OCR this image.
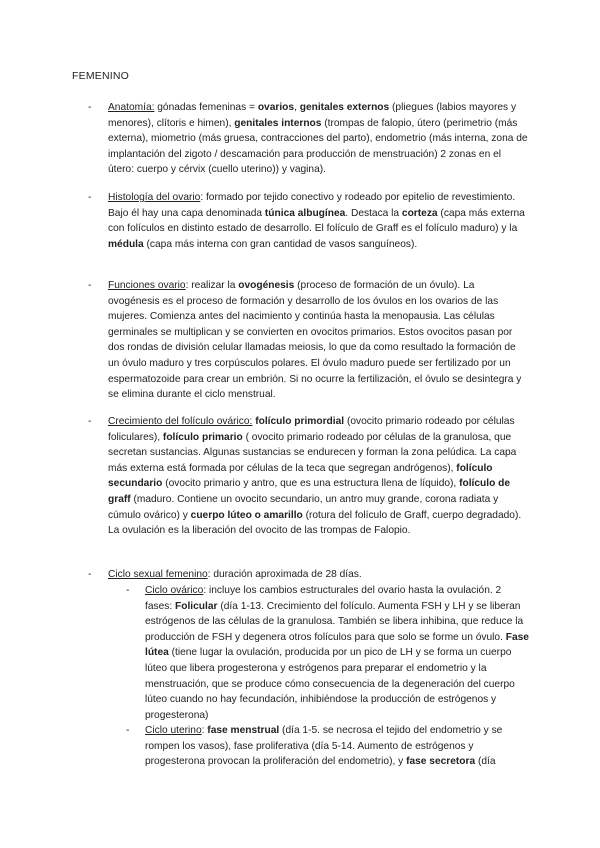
FEMENINO
- Anatomía: gónadas femeninas = ovarios, genitales externos (pliegues (labios mayores y menores), clítoris e himen), genitales internos (trompas de falopio, útero (perimetrio (más externa), miometrio (más gruesa, contracciones del parto), endometrio (más interna, zona de implantación del zigoto / descamación para producción de menstruación) 2 zonas en el útero: cuerpo y cérvix (cuello uterino)) y vagina).
- Histología del ovario: formado por tejido conectivo y rodeado por epitelio de revestimiento. Bajo él hay una capa denominada túnica albugínea. Destaca la corteza (capa más externa con folículos en distinto estado de desarrollo. El folículo de Graff es el folículo maduro) y la médula (capa más interna con gran cantidad de vasos sanguíneos).
- Funciones ovario: realizar la ovogénesis (proceso de formación de un óvulo). La ovogénesis es el proceso de formación y desarrollo de los óvulos en los ovarios de las mujeres. Comienza antes del nacimiento y continúa hasta la menopausia. Las células germinales se multiplican y se convierten en ovocitos primarios. Estos ovocitos pasan por dos rondas de división celular llamadas meiosis, lo que da como resultado la formación de un óvulo maduro y tres corpúsculos polares. El óvulo maduro puede ser fertilizado por un espermatozoide para crear un embrión. Si no ocurre la fertilización, el óvulo se desintegra y se elimina durante el ciclo menstrual.
- Crecimiento del folículo ovárico: folículo primordial (ovocito primario rodeado por células foliculares), folículo primario ( ovocito primario rodeado por células de la granulosa, que secretan sustancias. Algunas sustancias se endurecen y forman la zona pelúdica. La capa más externa está formada por células de la teca que segregan andrógenos), folículo secundario (ovocito primario y antro, que es una estructura llena de líquido), folículo de graff (maduro. Contiene un ovocito secundario, un antro muy grande, corona radiata y cúmulo ovárico) y cuerpo lúteo o amarillo (rotura del folículo de Graff, cuerpo degradado). La ovulación es la liberación del ovocito de las trompas de Falopio.
- Ciclo sexual femenino: duración aproximada de 28 días.
- Ciclo ovárico: incluye los cambios estructurales del ovario hasta la ovulación. 2 fases: Folicular (día 1-13. Crecimiento del folículo. Aumenta FSH y LH y se liberan estrógenos de las células de la granulosa. También se libera inhibina, que reduce la producción de FSH y degenera otros folículos para que solo se forme un óvulo. Fase lútea (tiene lugar la ovulación, producida por un pico de LH y se forma un cuerpo lúteo que libera progesterona y estrógenos para preparar el endometrio y la menstruación, que se produce cómo consecuencia de la degeneración del cuerpo lúteo cuando no hay fecundación, inhibiéndose la producción de estrógenos y progesterona)
- Ciclo uterino: fase menstrual (día 1-5. se necrosa el tejido del endometrio y se rompen los vasos), fase proliferativa (día 5-14. Aumento de estrógenos y progesterona provocan la proliferación del endometrio), y fase secretora (día
